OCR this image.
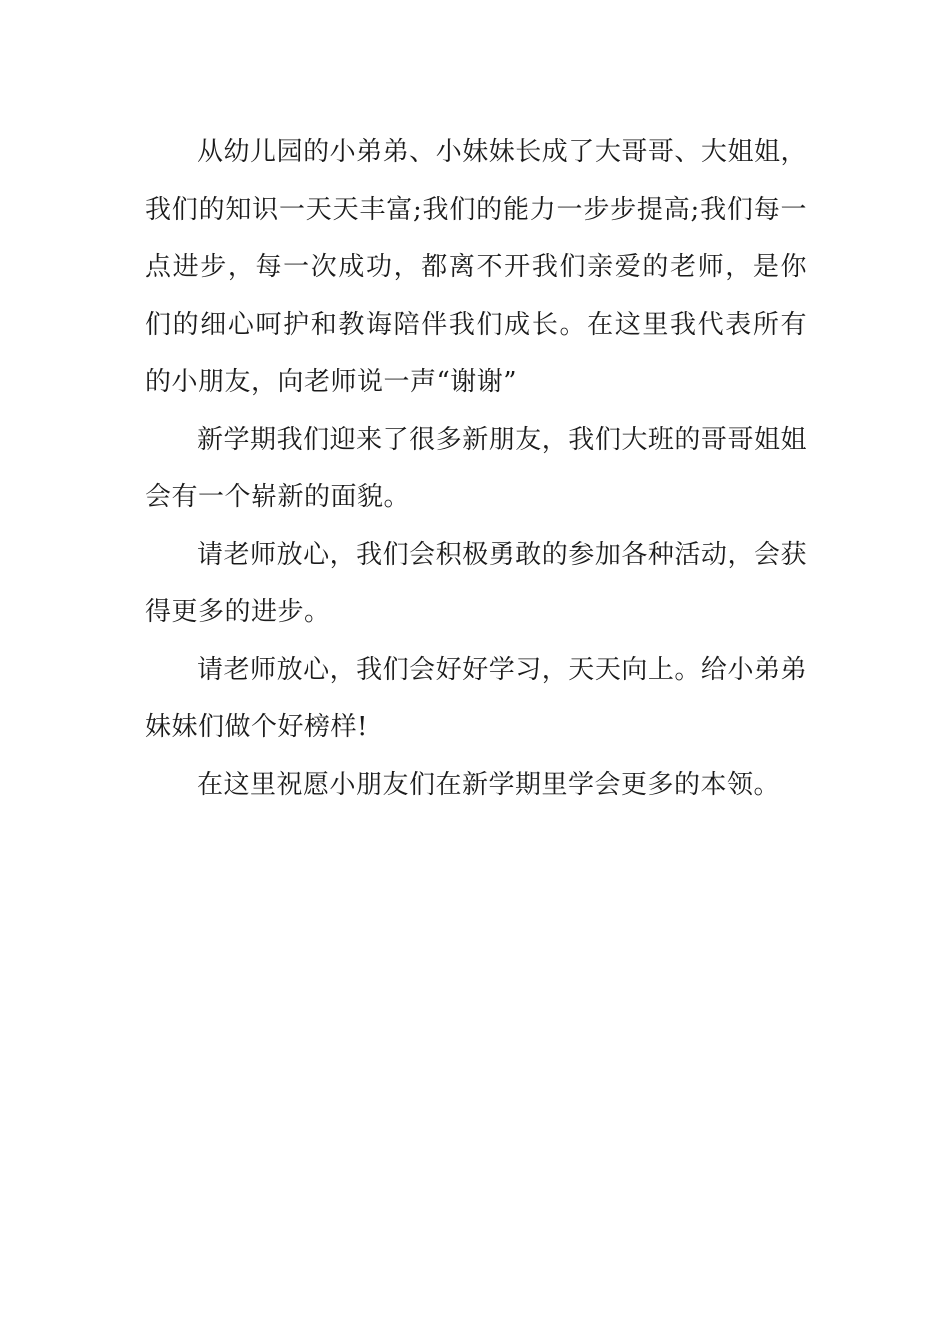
从幼儿园的小弟弟、小妹妹长成了大哥哥、大姐姐，我们的知识一天天丰富;我们的能力一步步提高;我们每一点进步，每一次成功，都离不开我们亲爱的老师，是你们的细心呵护和教诲陪伴我们成长。在这里我代表所有的小朋友，向老师说一声“谢谢”

新学期我们迎来了很多新朋友，我们大班的哥哥姐姐会有一个崭新的面貌。

请老师放心，我们会积极勇敢的参加各种活动，会获得更多的进步。

请老师放心，我们会好好学习，天天向上。给小弟弟妹妹们做个好榜样!

在这里祝愿小朋友们在新学期里学会更多的本领。
